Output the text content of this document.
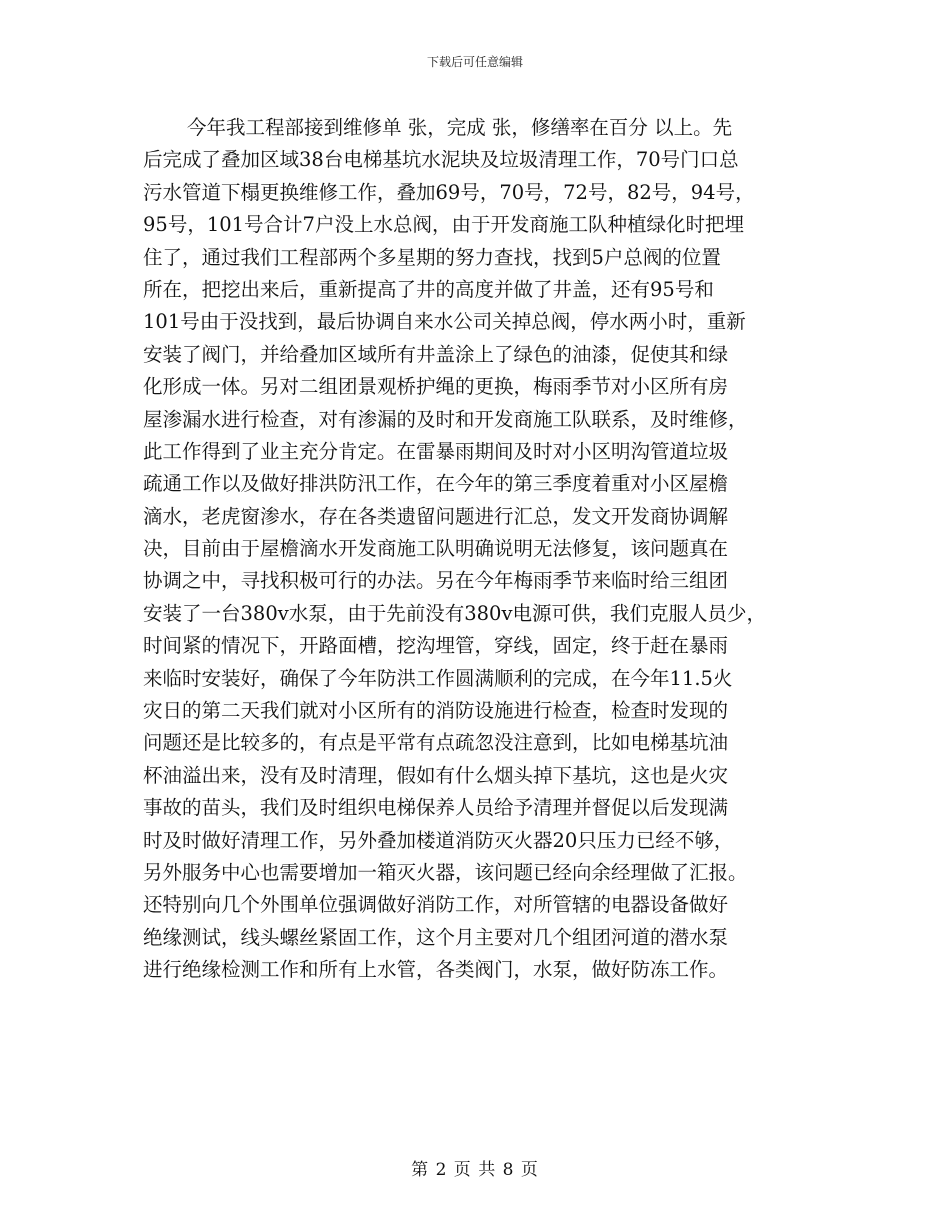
下载后可任意编辑
今年我工程部接到维修单 张，完成 张，修缮率在百分 以上。先
后完成了叠加区域38台电梯基坑水泥块及垃圾清理工作，70号门口总
污水管道下榻更换维修工作，叠加69号，70号，72号，82号，94号，
95号，101号合计7户没上水总阀，由于开发商施工队种植绿化时把埋
住了，通过我们工程部两个多星期的努力查找，找到5户总阀的位置
所在，把挖出来后，重新提高了井的高度并做了井盖，还有95号和
101号由于没找到，最后协调自来水公司关掉总阀，停水两小时，重新
安装了阀门，并给叠加区域所有井盖涂上了绿色的油漆，促使其和绿
化形成一体。另对二组团景观桥护绳的更换，梅雨季节对小区所有房
屋渗漏水进行检查，对有渗漏的及时和开发商施工队联系，及时维修，
此工作得到了业主充分肯定。在雷暴雨期间及时对小区明沟管道垃圾
疏通工作以及做好排洪防汛工作，在今年的第三季度着重对小区屋檐
滴水，老虎窗渗水，存在各类遗留问题进行汇总，发文开发商协调解
决，目前由于屋檐滴水开发商施工队明确说明无法修复，该问题真在
协调之中，寻找积极可行的办法。另在今年梅雨季节来临时给三组团
安装了一台380v水泵，由于先前没有380v电源可供，我们克服人员少，
时间紧的情况下，开路面槽，挖沟埋管，穿线，固定，终于赶在暴雨
来临时安装好，确保了今年防洪工作圆满顺利的完成，在今年11.5火
灾日的第二天我们就对小区所有的消防设施进行检查，检查时发现的
问题还是比较多的，有点是平常有点疏忽没注意到，比如电梯基坑油
杯油溢出来，没有及时清理，假如有什么烟头掉下基坑，这也是火灾
事故的苗头，我们及时组织电梯保养人员给予清理并督促以后发现满
时及时做好清理工作，另外叠加楼道消防灭火器20只压力已经不够，
另外服务中心也需要增加一箱灭火器，该问题已经向余经理做了汇报。
还特别向几个外围单位强调做好消防工作，对所管辖的电器设备做好
绝缘测试，线头螺丝紧固工作，这个月主要对几个组团河道的潜水泵
进行绝缘检测工作和所有上水管，各类阀门，水泵，做好防冻工作。
第 2 页 共 8 页
